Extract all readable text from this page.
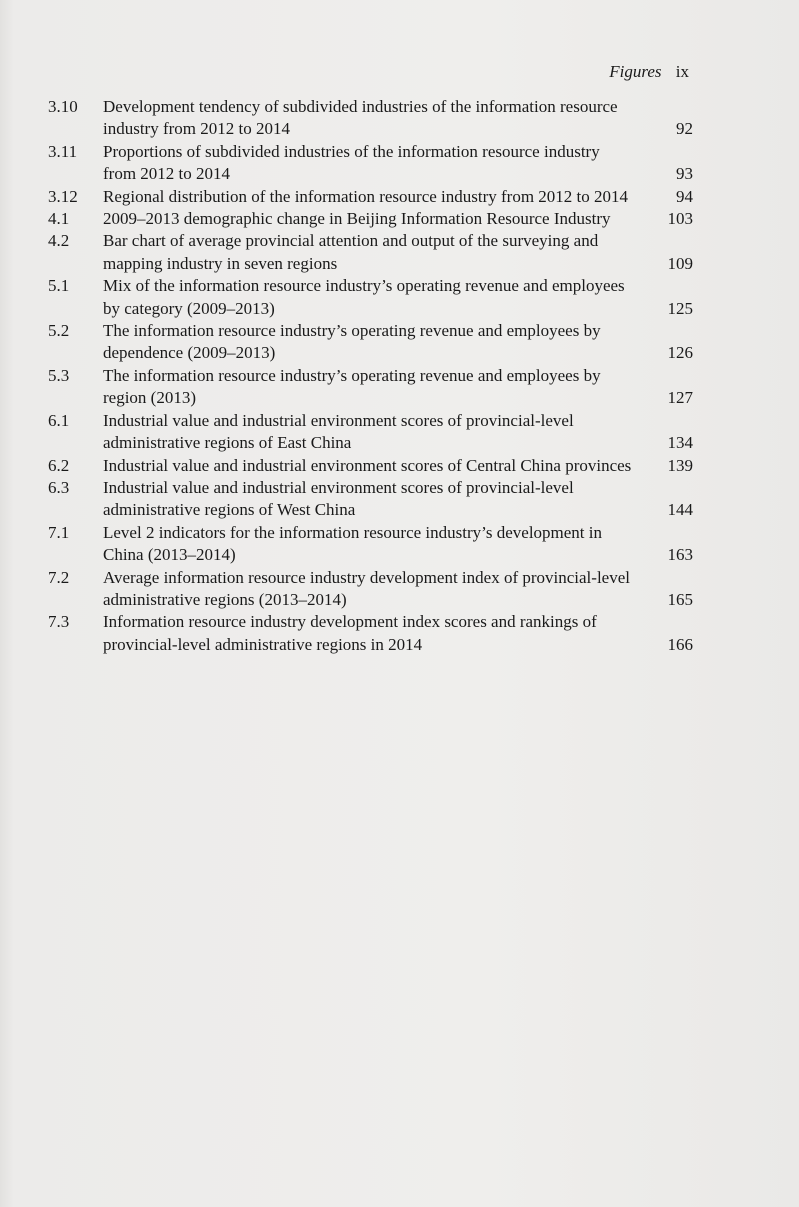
Figures ix
3.10	Development tendency of subdivided industries of the information resource industry from 2012 to 2014	92
3.11	Proportions of subdivided industries of the information resource industry from 2012 to 2014	93
3.12	Regional distribution of the information resource industry from 2012 to 2014	94
4.1	2009–2013 demographic change in Beijing Information Resource Industry	103
4.2	Bar chart of average provincial attention and output of the surveying and mapping industry in seven regions	109
5.1	Mix of the information resource industry’s operating revenue and employees by category (2009–2013)	125
5.2	The information resource industry’s operating revenue and employees by dependence (2009–2013)	126
5.3	The information resource industry’s operating revenue and employees by region (2013)	127
6.1	Industrial value and industrial environment scores of provincial-level administrative regions of East China	134
6.2	Industrial value and industrial environment scores of Central China provinces	139
6.3	Industrial value and industrial environment scores of provincial-level administrative regions of West China	144
7.1	Level 2 indicators for the information resource industry’s development in China (2013–2014)	163
7.2	Average information resource industry development index of provincial-level administrative regions (2013–2014)	165
7.3	Information resource industry development index scores and rankings of provincial-level administrative regions in 2014	166
